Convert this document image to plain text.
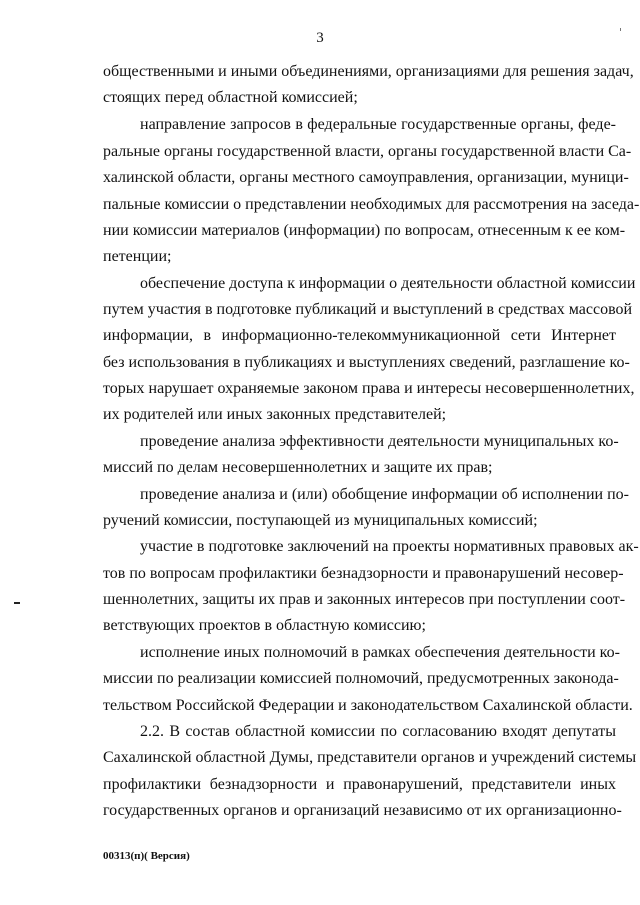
3
общественными и иными объединениями, организациями для решения задач,
стоящих перед областной комиссией;
направление запросов в федеральные государственные органы, феде-
ральные органы государственной власти, органы государственной власти Са-
халинской области, органы местного самоуправления, организации, муници-
пальные комиссии о представлении необходимых для рассмотрения на заседа-
нии комиссии материалов (информации) по вопросам, отнесенным к ее ком-
петенции;
обеспечение доступа к информации о деятельности областной комиссии
путем участия в подготовке публикаций и выступлений в средствах массовой
информации, в информационно-телекоммуникационной сети Интернет
без использования в публикациях и выступлениях сведений, разглашение ко-
торых нарушает охраняемые законом права и интересы несовершеннолетних,
их родителей или иных законных представителей;
проведение анализа эффективности деятельности муниципальных ко-
миссий по делам несовершеннолетних и защите их прав;
проведение анализа и (или) обобщение информации об исполнении по-
ручений комиссии, поступающей из муниципальных комиссий;
участие в подготовке заключений на проекты нормативных правовых ак-
тов по вопросам профилактики безнадзорности и правонарушений несовер-
шеннолетних, защиты их прав и законных интересов при поступлении соот-
ветствующих проектов в областную комиссию;
исполнение иных полномочий в рамках обеспечения деятельности ко-
миссии по реализации комиссией полномочий, предусмотренных законода-
тельством Российской Федерации и законодательством Сахалинской области.
2.2. В состав областной комиссии по согласованию входят депутаты
Сахалинской областной Думы, представители органов и учреждений системы
профилактики безнадзорности и правонарушений, представители иных
государственных органов и организаций независимо от их организационно-
00313(п)( Версия)
